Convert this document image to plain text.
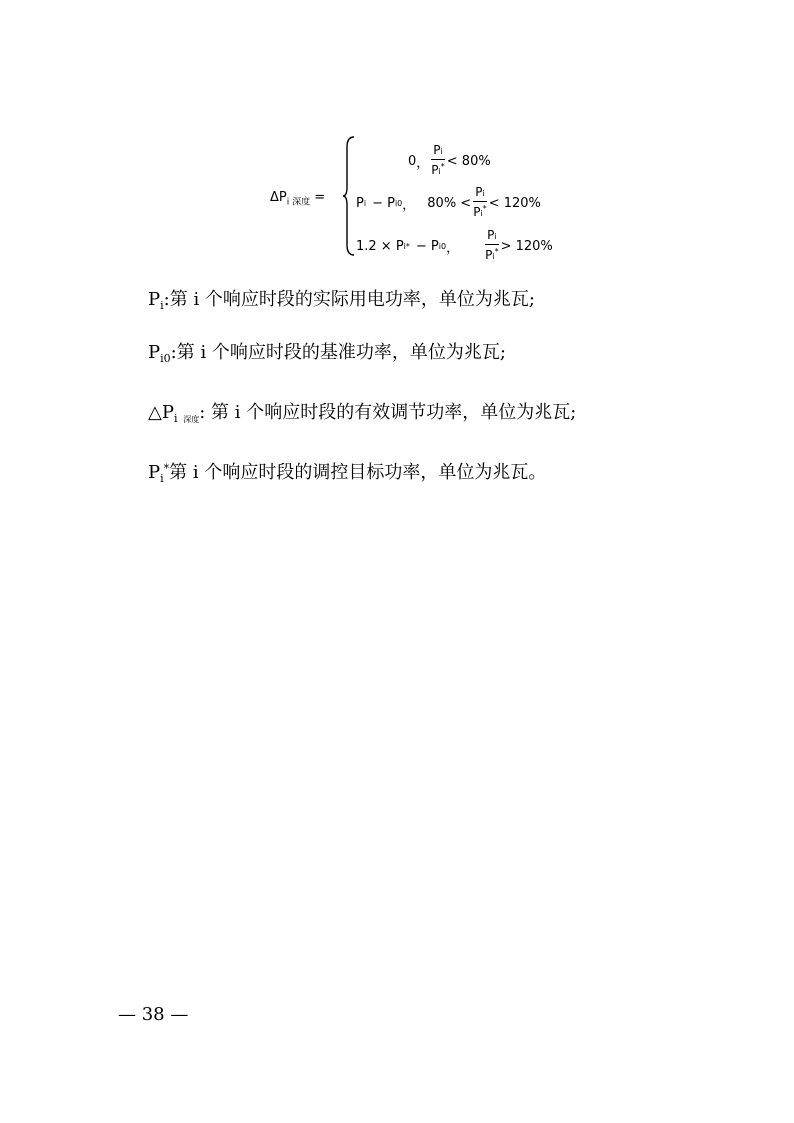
$\Delta P_{i 深度}$ =
0 ， $\frac{Pi}{Pi^*} < 80\%$
P i − P i0 ， $80\% < \frac{Pi}{Pi^*} < 120\%$
1.2 × P i * − P i0 ， $\frac{Pi}{Pi^*} > 120\%$
$P_i$:第 i 个响应时段的实际用电功率，单位为兆瓦;
$P_{i0}$:第 i 个响应时段的基准功率，单位为兆瓦;
$\triangle P_i$ $_{深度}$: 第 i 个响应时段的有效调节功率，单位为兆瓦;
$P_i^*$第 i 个响应时段的调控目标功率，单位为兆瓦。
— 38 —
